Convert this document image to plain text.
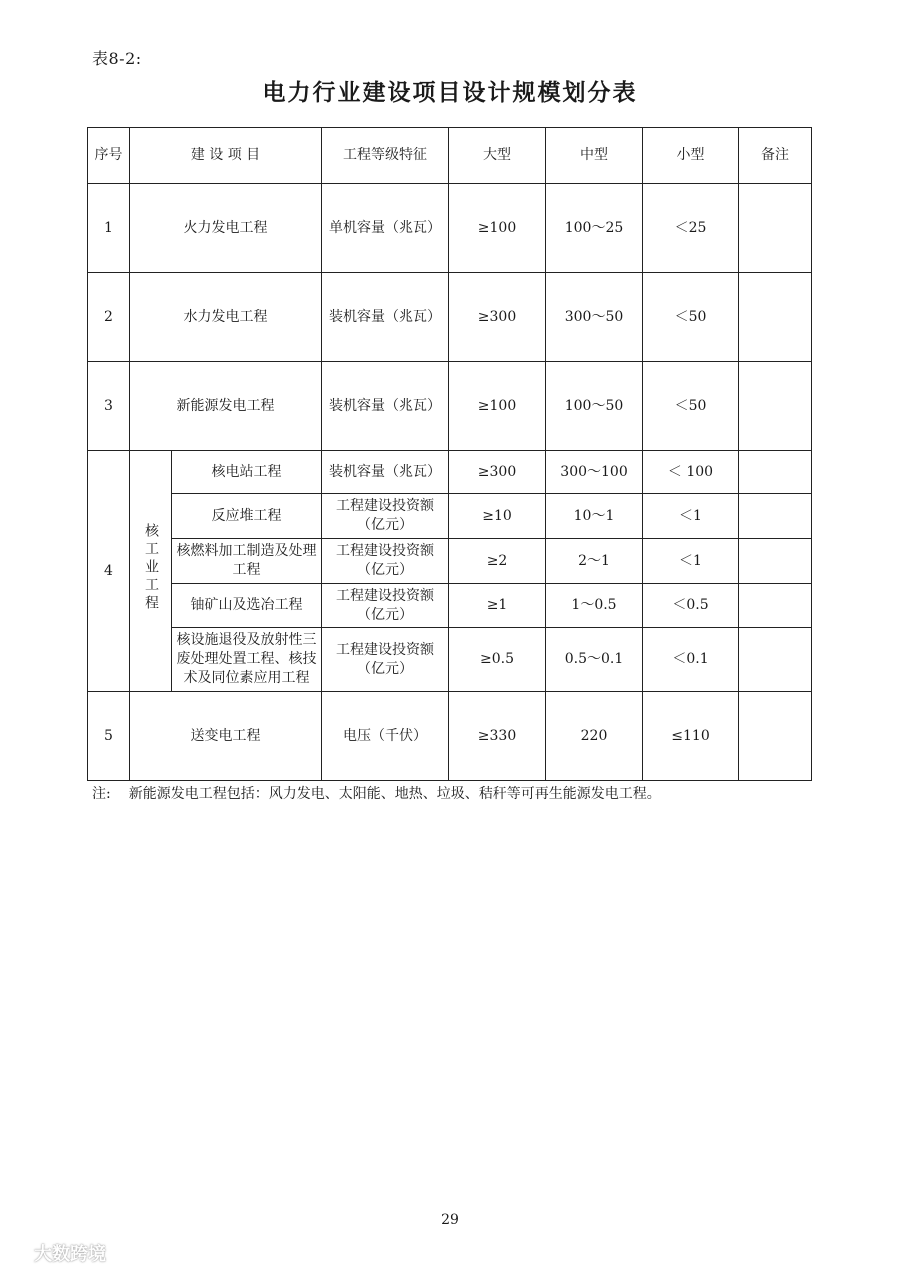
表8-2:
电力行业建设项目设计规模划分表
序号	建 设 项 目		工程等级特征	大型	中型	小型	备注
1	火力发电工程		单机容量（兆瓦）	≥100	100～25	＜25	
2	水力发电工程		装机容量（兆瓦）	≥300	300～50	＜50	
3	新能源发电工程		装机容量（兆瓦）	≥100	100～50	＜50	
4	核工业工程	核电站工程	装机容量（兆瓦）	≥300	300～100	＜ 100	
		反应堆工程	工程建设投资额（亿元）	≥10	10～1	＜1	
		核燃料加工制造及处理工程	工程建设投资额（亿元）	≥2	2～1	＜1	
		铀矿山及选冶工程	工程建设投资额（亿元）	≥1	1～0.5	＜0.5	
		核设施退役及放射性三废处理处置工程、核技术及同位素应用工程	工程建设投资额（亿元）	≥0.5	0.5～0.1	＜0.1	
5	送变电工程		电压（千伏）	≥330	220	≤110	
注: 新能源发电工程包括：风力发电、太阳能、地热、垃圾、秸秆等可再生能源发电工程。
29
大数跨境
